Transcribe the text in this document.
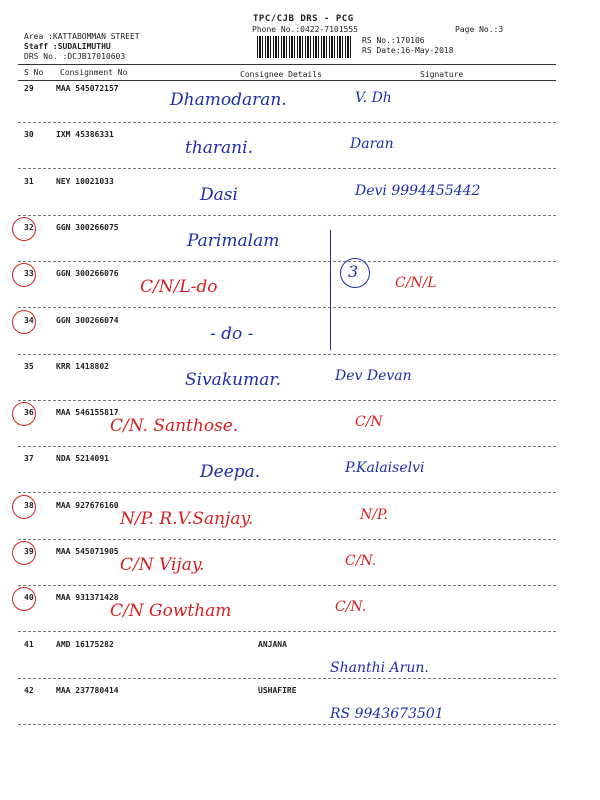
TPC/CJB DRS - PCG
Phone No.:0422-7101555	Page No.:3
Area :KATTABOMMAN STREET
Staff :SUDALIMUTHU
DRS No. :DCJB17010603
RS No.:170106
RS Date:16-May-2018
S No Consignment No	Consignee Details	Signature
29	MAA 545072157
Dhamodaran.	V. Dh
30	IXM 45386331
tharani.	Daran
31	NEY 10021033
Dasi	Devi 9994455442
32	GGN 300266075
Parimalam
33	GGN 300266076
C/N/L-do	C/N/L
34	GGN 300266074
- do -
35	KRR 1418802
Sivakumar.	Dev Devan
36	MAA 546155817
C/N. Santhose.	C/N
37	NDA 5214091
Deepa.	P.Kalaiselvi
38	MAA 927676160
N/P. R.V.Sanjay.	N/P.
39	MAA 545071905
C/N Vijay.	C/N.
40	MAA 931371428
C/N Gowtham	C/N.
41	AMD 16175282	ANJANA
Shanthi Arun.
42	MAA 237780414	USHAFIRE
RS 9943673501
3
